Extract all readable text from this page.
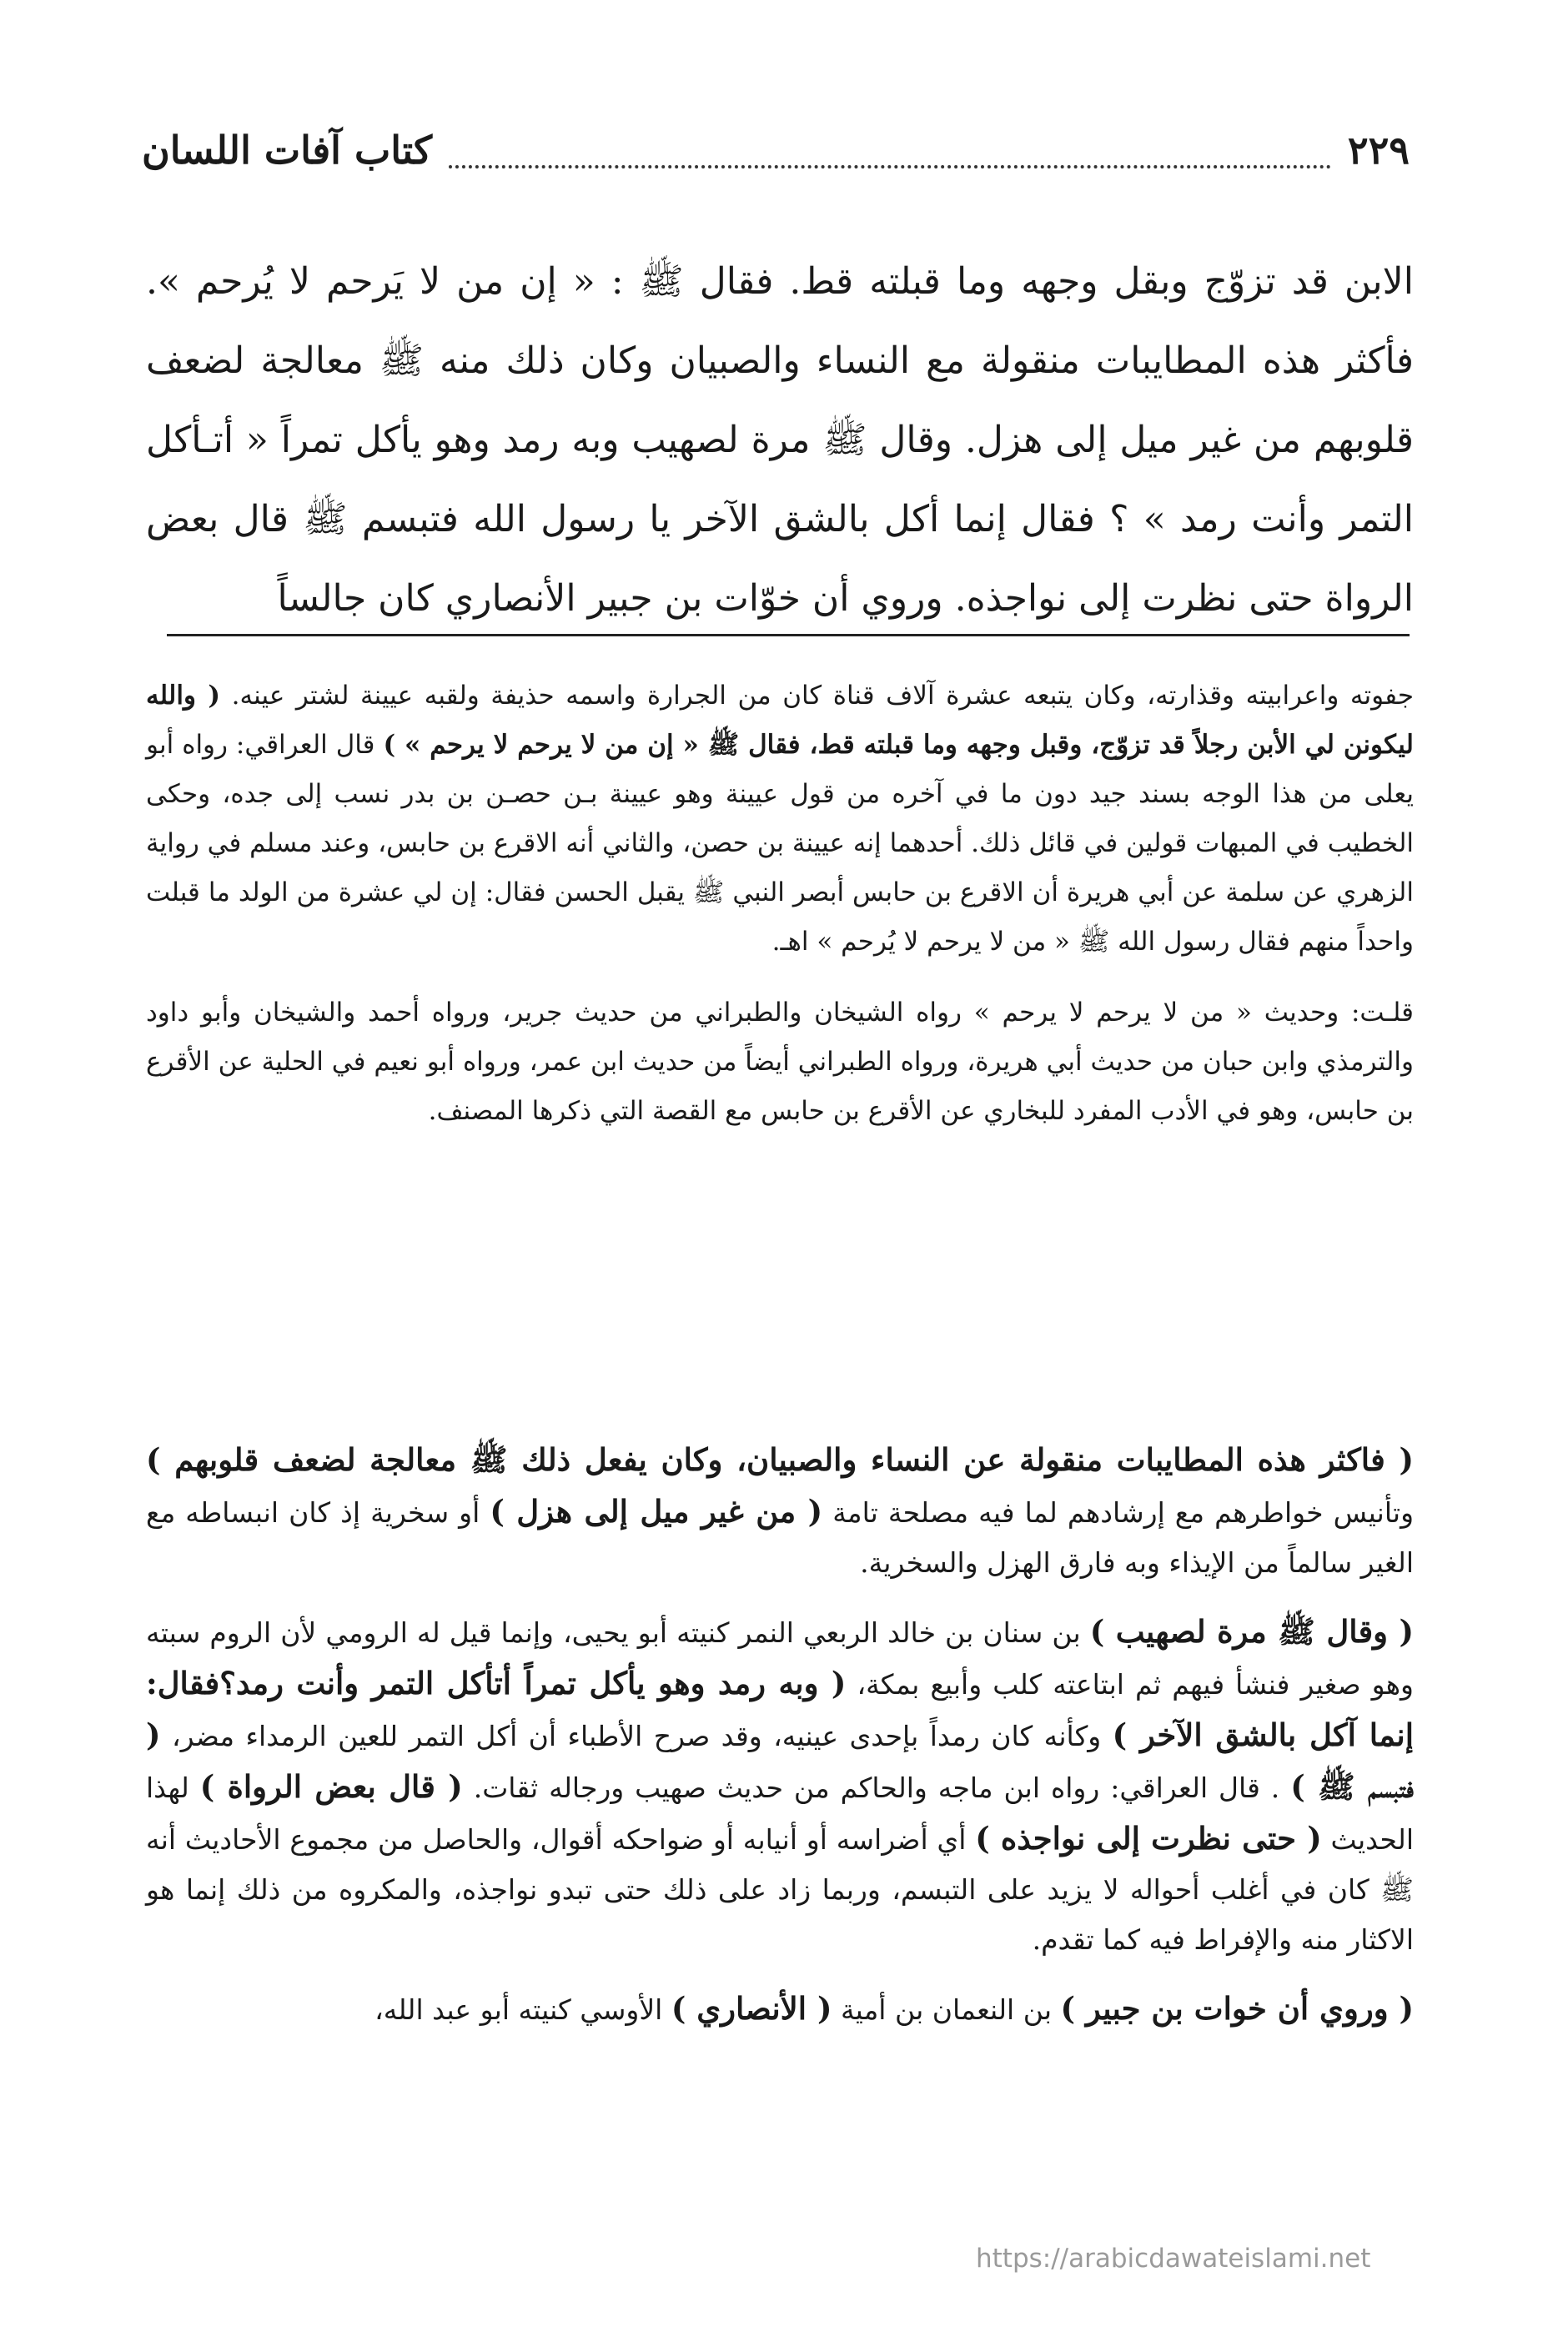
كتاب آفات اللسان	٢٢٩

الابن قد تزوّج وبقل وجهه وما قبلته قط. فقال ﷺ : « إن من لا يَرحم لا يُرحم ». فأكثر هذه المطايبات منقولة مع النساء والصبيان وكان ذلك منه ﷺ معالجة لضعف قلوبهم من غير ميل إلى هزل. وقال ﷺ مرة لصهيب وبه رمد وهو يأكل تمراً « أتـأكل التمر وأنت رمد » ؟ فقال إنما أكل بالشق الآخر يا رسول الله فتبسم ﷺ قال بعض الرواة حتى نظرت إلى نواجذه. وروي أن خوّات بن جبير الأنصاري كان جالساً

جفوته واعرابيته وقذارته، وكان يتبعه عشرة آلاف قناة كان من الجرارة واسمه حذيفة ولقبه عيينة لشتر عينه. ( والله ليكونن لي الأبن رجلاً قد تزوّج، وقبل وجهه وما قبلته قط، فقال ﷺ « إن من لا يرحم لا يرحم » ) قال العراقي: رواه أبو يعلى من هذا الوجه بسند جيد دون ما في آخره من قول عيينة وهو عيينة بـن حصـن بن بدر نسب إلى جده، وحكى الخطيب في المبهات قولين في قائل ذلك. أحدهما إنه عيينة بن حصن، والثاني أنه الاقرع بن حابس، وعند مسلم في رواية الزهري عن سلمة عن أبي هريرة أن الاقرع بن حابس أبصر النبي ﷺ يقبل الحسن فقال: إن لي عشرة من الولد ما قبلت واحداً منهم فقال رسول الله ﷺ « من لا يرحم لا يُرحم » اهـ.

قلـت: وحديث « من لا يرحم لا يرحم » رواه الشيخان والطبراني من حديث جرير، ورواه أحمد والشيخان وأبو داود والترمذي وابن حبان من حديث أبي هريرة، ورواه الطبراني أيضاً من حديث ابن عمر، ورواه أبو نعيم في الحلية عن الأقرع بن حابس، وهو في الأدب المفرد للبخاري عن الأقرع بن حابس مع القصة التي ذكرها المصنف.

( فاكثر هذه المطايبات منقولة عن النساء والصبيان، وكان يفعل ذلك ﷺ معالجة لضعف قلوبهم ) وتأنيس خواطرهم مع إرشادهم لما فيه مصلحة تامة ( من غير ميل إلى هزل ) أو سخرية إذ كان انبساطه مع الغير سالماً من الإيذاء وبه فارق الهزل والسخرية.

( وقال ﷺ مرة لصهيب ) بن سنان بن خالد الربعي النمر كنيته أبو يحيى، وإنما قيل له الرومي لأن الروم سبته وهو صغير فنشأ فيهم ثم ابتاعته كلب وأبيع بمكة، ( وبه رمد وهو يأكل تمراً أتأكل التمر وأنت رمد؟فقال: إنما آكل بالشق الآخر ) وكأنه كان رمداً بإحدى عينيه، وقد صرح الأطباء أن أكل التمر للعين الرمداء مضر، ( فتبسم ﷺ ) . قال العراقي: رواه ابن ماجه والحاكم من حديث صهيب ورجاله ثقات. ( قال بعض الرواة ) لهذا الحديث ( حتى نظرت إلى نواجذه ) أي أضراسه أو أنيابه أو ضواحكه أقوال، والحاصل من مجموع الأحاديث أنه ﷺ كان في أغلب أحواله لا يزيد على التبسم، وربما زاد على ذلك حتى تبدو نواجذه، والمكروه من ذلك إنما هو الاكثار منه والإفراط فيه كما تقدم.

( وروي أن خوات بن جبير ) بن النعمان بن أمية ( الأنصاري ) الأوسي كنيته أبو عبد الله،

https://arabicdawateislami.net
